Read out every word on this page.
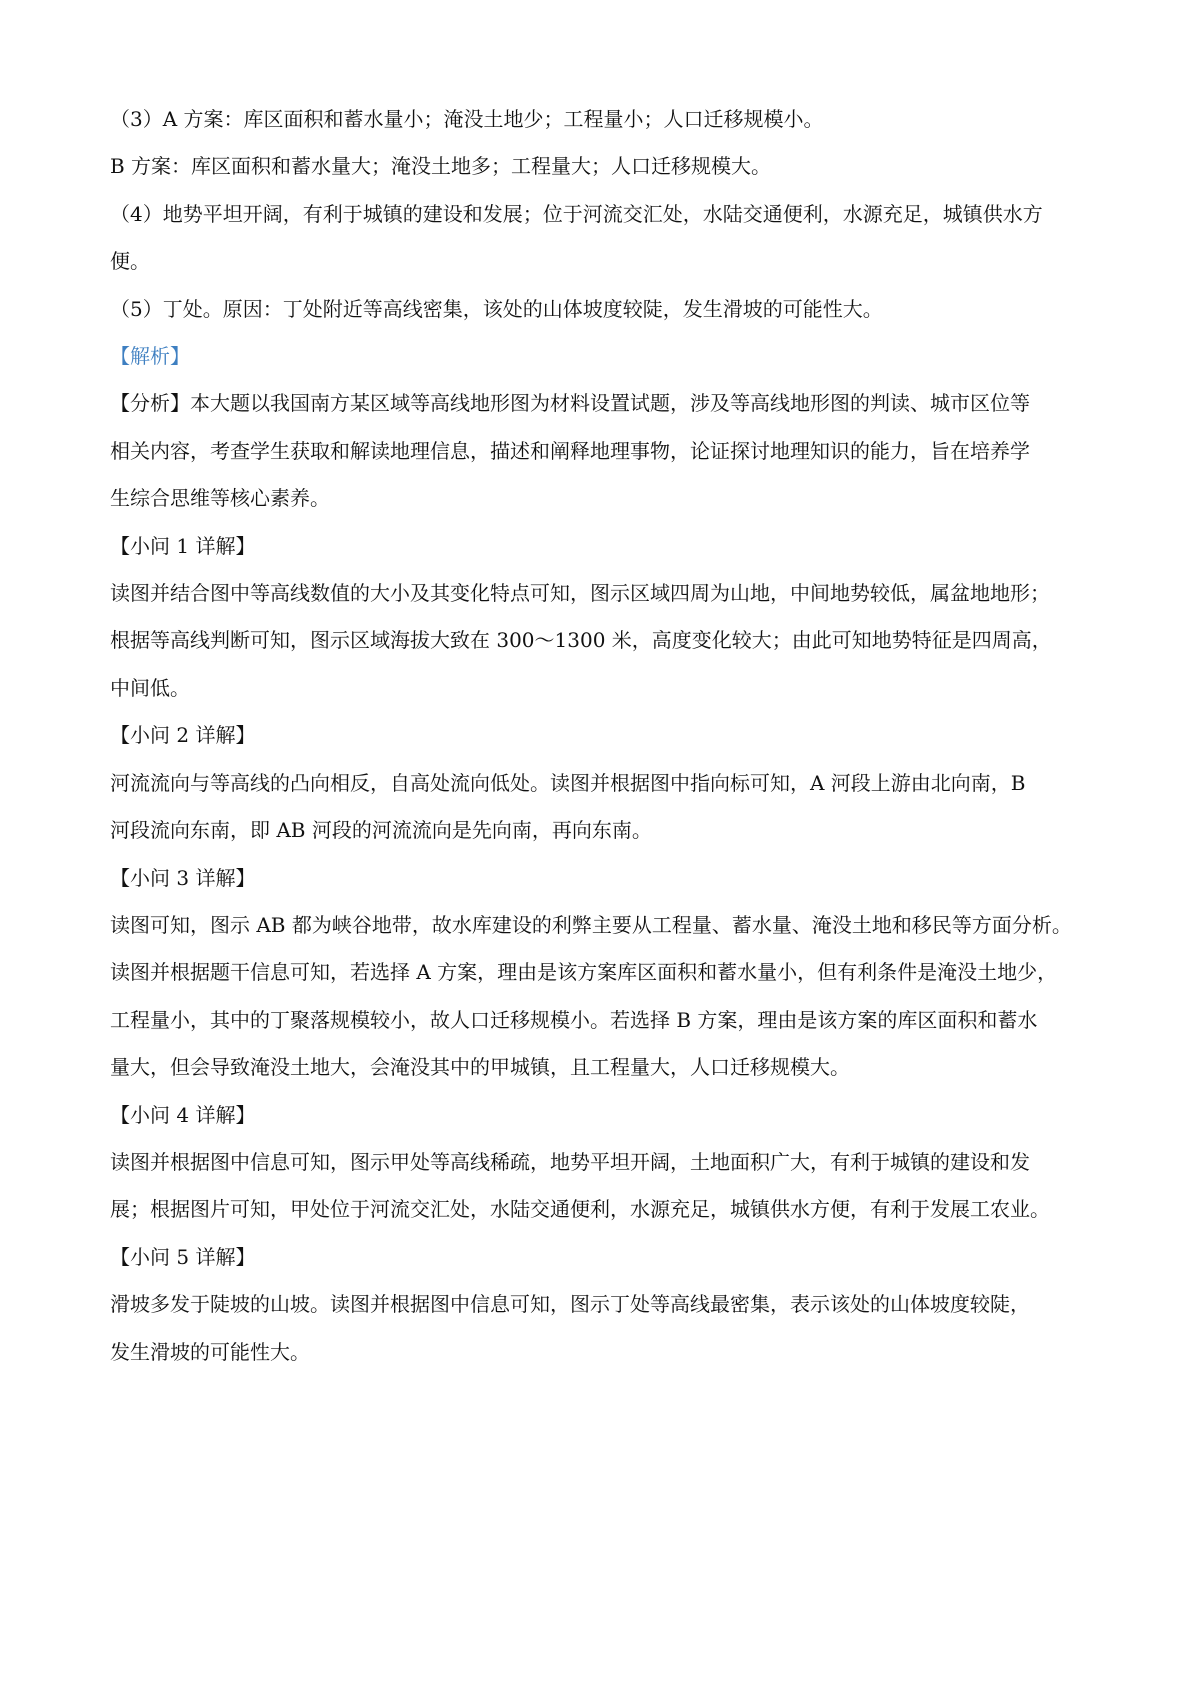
（3）A 方案：库区面积和蓄水量小；淹没土地少；工程量小；人口迁移规模小。

B 方案：库区面积和蓄水量大；淹没土地多；工程量大；人口迁移规模大。

（4）地势平坦开阔，有利于城镇的建设和发展；位于河流交汇处，水陆交通便利，水源充足，城镇供水方

便。

（5）丁处。原因：丁处附近等高线密集，该处的山体坡度较陡，发生滑坡的可能性大。

【解析】

【分析】本大题以我国南方某区域等高线地形图为材料设置试题，涉及等高线地形图的判读、城市区位等

相关内容，考查学生获取和解读地理信息，描述和阐释地理事物，论证探讨地理知识的能力，旨在培养学

生综合思维等核心素养。

【小问 1 详解】

读图并结合图中等高线数值的大小及其变化特点可知，图示区域四周为山地，中间地势较低，属盆地地形；

根据等高线判断可知，图示区域海拔大致在 300～1300 米，高度变化较大；由此可知地势特征是四周高，

中间低。

【小问 2 详解】

河流流向与等高线的凸向相反，自高处流向低处。读图并根据图中指向标可知，A 河段上游由北向南，B

河段流向东南，即 AB 河段的河流流向是先向南，再向东南。

【小问 3 详解】

读图可知，图示 AB 都为峡谷地带，故水库建设的利弊主要从工程量、蓄水量、淹没土地和移民等方面分析。

读图并根据题干信息可知，若选择 A 方案，理由是该方案库区面积和蓄水量小，但有利条件是淹没土地少，

工程量小，其中的丁聚落规模较小，故人口迁移规模小。若选择 B 方案，理由是该方案的库区面积和蓄水

量大，但会导致淹没土地大，会淹没其中的甲城镇，且工程量大，人口迁移规模大。

【小问 4 详解】

读图并根据图中信息可知，图示甲处等高线稀疏，地势平坦开阔，土地面积广大，有利于城镇的建设和发

展；根据图片可知，甲处位于河流交汇处，水陆交通便利，水源充足，城镇供水方便，有利于发展工农业。

【小问 5 详解】

滑坡多发于陡坡的山坡。读图并根据图中信息可知，图示丁处等高线最密集，表示该处的山体坡度较陡，

发生滑坡的可能性大。
